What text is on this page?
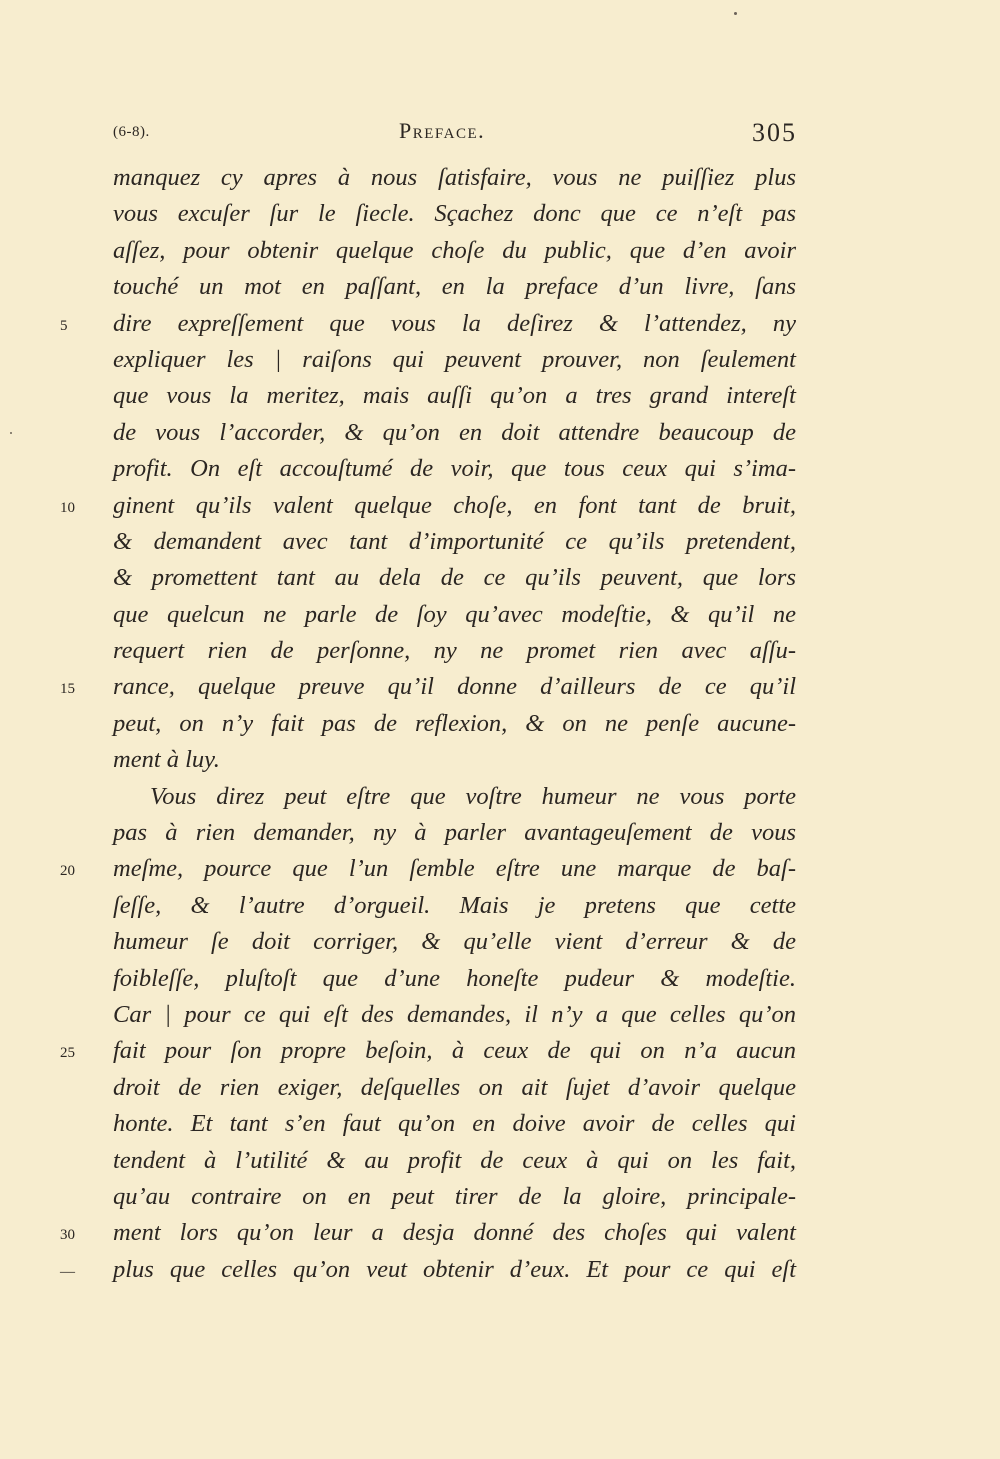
(6-8).	Preface.	305
manquez cy apres à nous ſatisfaire, vous ne puiſſiez plus
vous excuſer ſur le ſiecle. Sçachez donc que ce n’eſt pas
aſſez, pour obtenir quelque choſe du public, que d’en avoir
touché un mot en paſſant, en la preface d’un livre, ſans
5	dire expreſſement que vous la deſirez & l’attendez, ny
expliquer les | raiſons qui peuvent prouver, non ſeulement
que vous la meritez, mais auſſi qu’on a tres grand intereſt
de vous l’accorder, & qu’on en doit attendre beaucoup de
profit. On eſt accouſtumé de voir, que tous ceux qui s’ima-
10	ginent qu’ils valent quelque choſe, en font tant de bruit,
& demandent avec tant d’importunité ce qu’ils pretendent,
& promettent tant au dela de ce qu’ils peuvent, que lors
que quelcun ne parle de ſoy qu’avec modeſtie, & qu’il ne
requert rien de perſonne, ny ne promet rien avec aſſu-
15	rance, quelque preuve qu’il donne d’ailleurs de ce qu’il
peut, on n’y fait pas de reflexion, & on ne penſe aucune-
ment à luy.
Vous direz peut eſtre que voſtre humeur ne vous porte
pas à rien demander, ny à parler avantageuſement de vous
20	meſme, pource que l’un ſemble eſtre une marque de baſ-
ſeſſe, & l’autre d’orgueil. Mais je pretens que cette
humeur ſe doit corriger, & qu’elle vient d’erreur & de
foibleſſe, pluſtoſt que d’une honeſte pudeur & modeſtie.
Car | pour ce qui eſt des demandes, il n’y a que celles qu’on
25	fait pour ſon propre beſoin, à ceux de qui on n’a aucun
droit de rien exiger, deſquelles on ait ſujet d’avoir quelque
honte. Et tant s’en faut qu’on en doive avoir de celles qui
tendent à l’utilité & au profit de ceux à qui on les fait,
qu’au contraire on en peut tirer de la gloire, principale-
30	ment lors qu’on leur a desja donné des choſes qui valent
—	plus que celles qu’on veut obtenir d’eux. Et pour ce qui eſt
